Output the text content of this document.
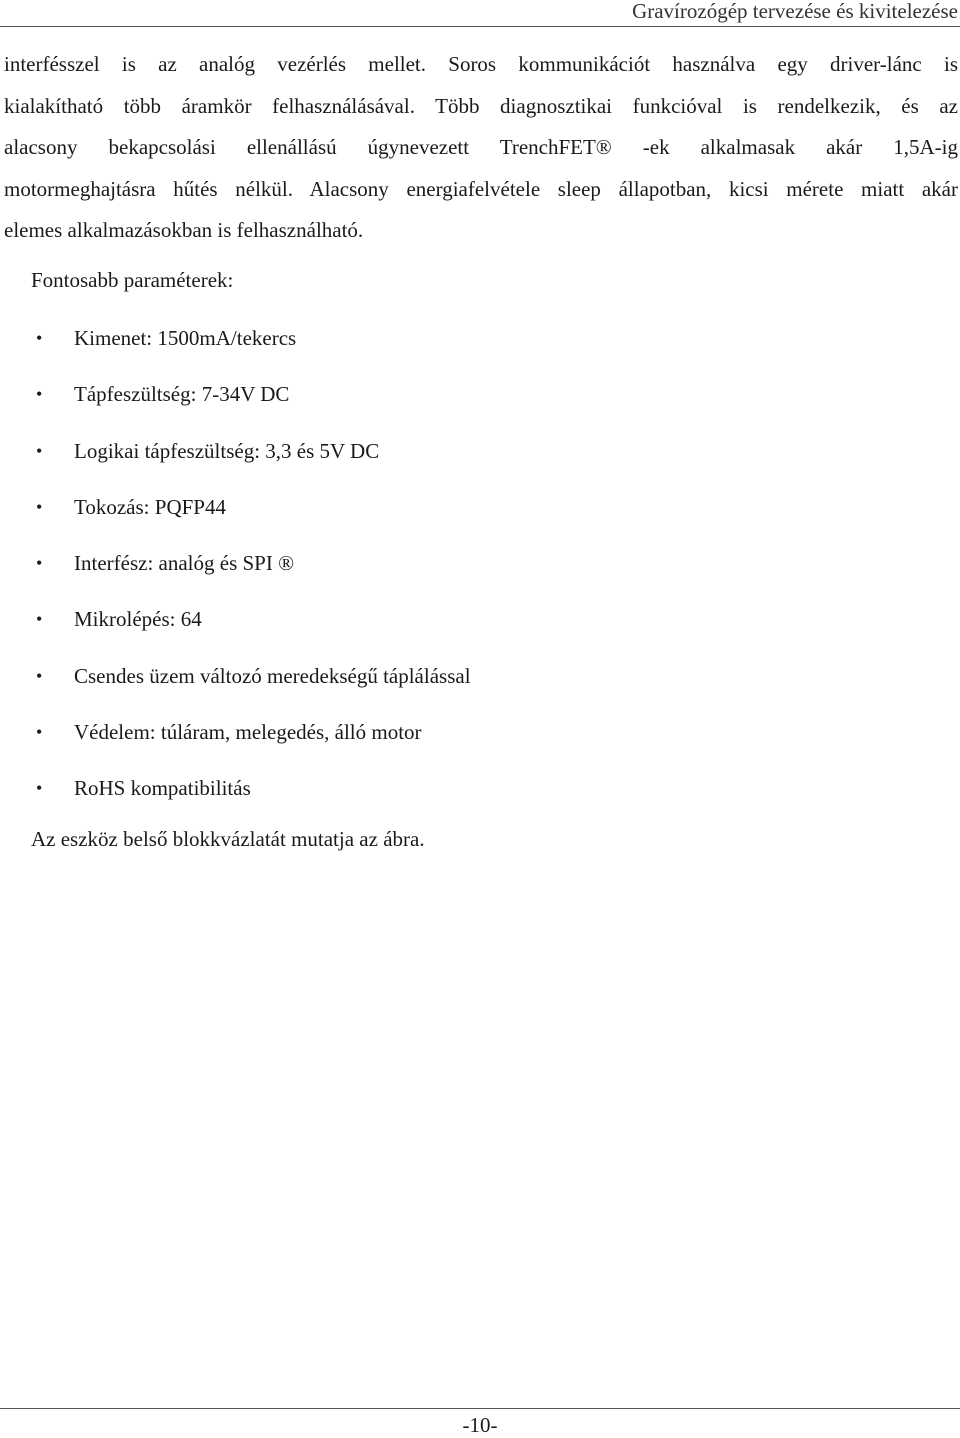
Gravírozógép tervezése és kivitelezése
interfésszel is az analóg vezérlés mellet. Soros kommunikációt használva egy driver-lánc is
kialakítható több áramkör felhasználásával. Több diagnosztikai funkcióval is rendelkezik, és az
alacsony bekapcsolási ellenállású úgynevezett TrenchFET® -ek alkalmasak akár 1,5A-ig
motormeghajtásra hűtés nélkül. Alacsony energiafelvétele sleep állapotban, kicsi mérete miatt akár
elemes alkalmazásokban is felhasználható.

Fontosabb paraméterek:

• Kimenet: 1500mA/tekercs
• Tápfeszültség: 7-34V DC
• Logikai tápfeszültség: 3,3 és 5V DC
• Tokozás: PQFP44
• Interfész: analóg és SPI ®
• Mikrolépés: 64
• Csendes üzem változó meredekségű táplálással
• Védelem: túláram, melegedés, álló motor
• RoHS kompatibilitás

Az eszköz belső blokkvázlatát mutatja az ábra.

-10-
